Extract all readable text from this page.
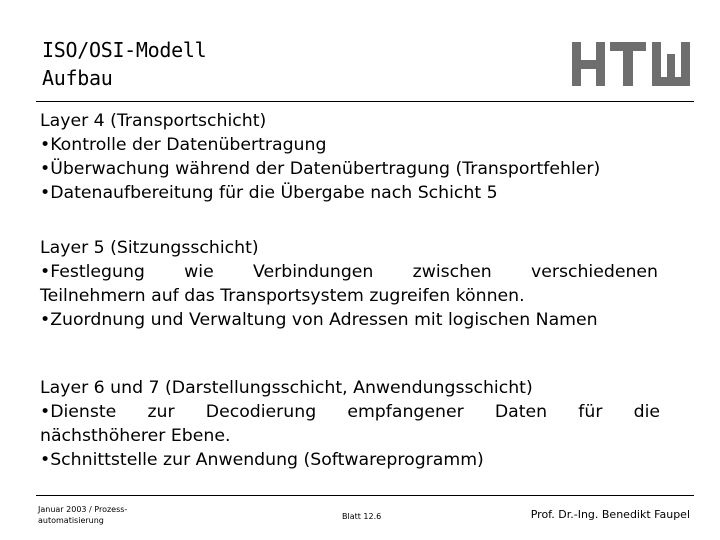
ISO/OSI-Modell
Aufbau
Layer 4 (Transportschicht)
•Kontrolle der Datenübertragung
•Überwachung während der Datenübertragung (Transportfehler)
•Datenaufbereitung für die Übergabe nach Schicht 5
Layer 5 (Sitzungsschicht)
•Festlegung wie Verbindungen zwischen verschiedenen
Teilnehmern auf das Transportsystem zugreifen können.
•Zuordnung und Verwaltung von Adressen mit logischen Namen
Layer 6 und 7 (Darstellungsschicht, Anwendungsschicht)
•Dienste zur Decodierung empfangener Daten für die
nächsthöherer Ebene.
•Schnittstelle zur Anwendung (Softwareprogramm)
Januar 2003 / Prozess-
automatisierung	Blatt 12.6	Prof. Dr.-Ing. Benedikt Faupel
